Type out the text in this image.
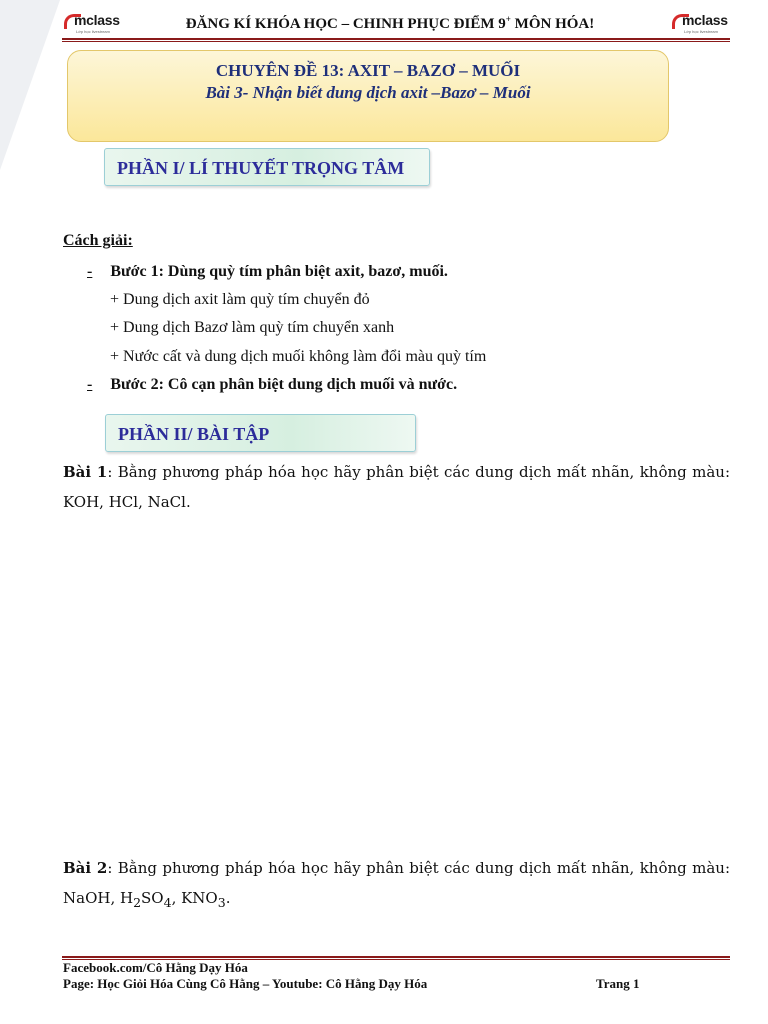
mclass
Lớp học livestream	ĐĂNG KÍ KHÓA HỌC – CHINH PHỤC ĐIỂM 9+ MÔN HÓA!	mclass
Lớp học livestream
CHUYÊN ĐỀ 13: AXIT – BAZƠ – MUỐI
Bài 3- Nhận biết dung dịch axit –Bazơ – Muối
PHẦN I/ LÍ THUYẾT TRỌNG TÂM
Cách giải:
- Bước 1: Dùng quỳ tím phân biệt axit, bazơ, muối.
+ Dung dịch axit làm quỳ tím chuyển đỏ
+ Dung dịch Bazơ làm quỳ tím chuyển xanh
+ Nước cất và dung dịch muối không làm đổi màu quỳ tím
- Bước 2: Cô cạn phân biệt dung dịch muối và nước.
PHẦN II/ BÀI TẬP
Bài 1: Bằng phương pháp hóa học hãy phân biệt các dung dịch mất nhãn, không màu: KOH, HCl, NaCl.
Bài 2: Bằng phương pháp hóa học hãy phân biệt các dung dịch mất nhãn, không màu: NaOH, $H_2SO_4$, $KNO_3$.
Facebook.com/Cô Hằng Dạy Hóa
Page: Học Giỏi Hóa Cùng Cô Hằng – Youtube: Cô Hằng Dạy Hóa	Trang 1
